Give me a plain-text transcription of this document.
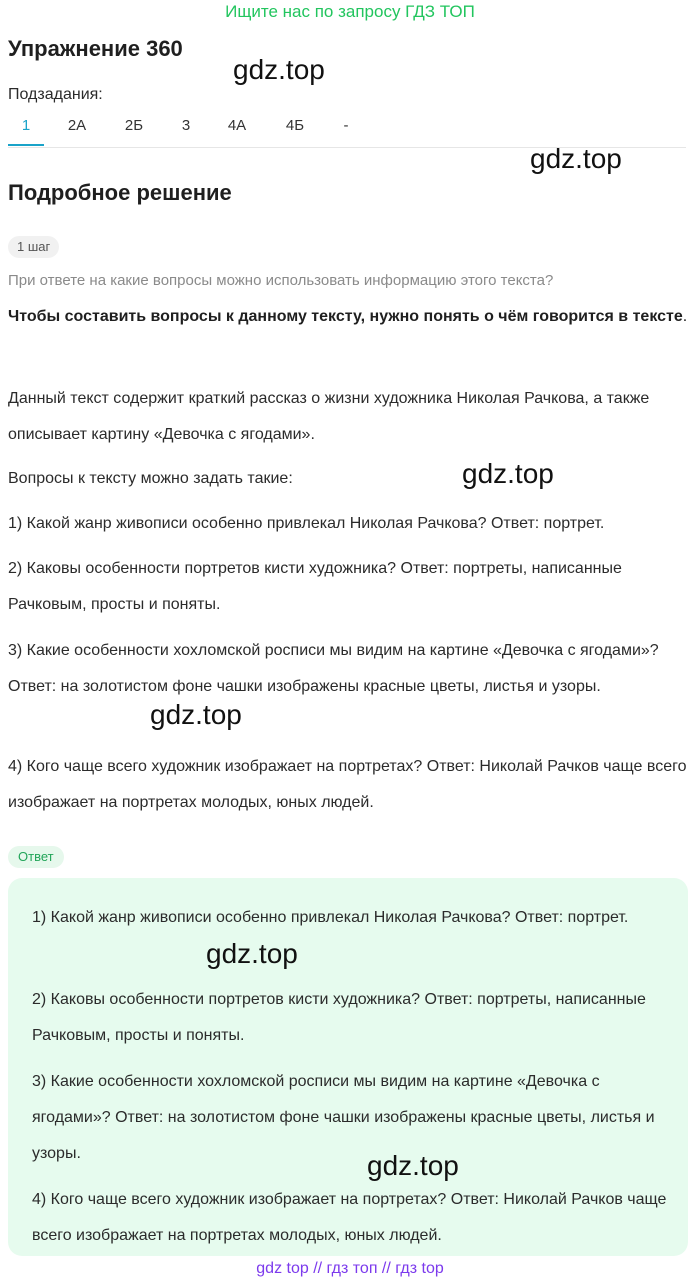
Ищите нас по запросу ГДЗ ТОП
Упражнение 360
gdz.top
gdz.top
Подзадания:
1	2А	2Б	3	4А	4Б	-
Подробное решение
1 шаг
При ответе на какие вопросы можно использовать информацию этого текста?
Чтобы составить вопросы к данному тексту, нужно понять о чём говорится в тексте.
Данный текст содержит краткий рассказ о жизни художника Николая Рачкова, а также описывает картину «Девочка с ягодами».
Вопросы к тексту можно задать такие:	gdz.top
1) Какой жанр живописи особенно привлекал Николая Рачкова? Ответ: портрет.
2) Каковы особенности портретов кисти художника? Ответ: портреты, написанные Рачковым, просты и поняты.
3) Какие особенности хохломской росписи мы видим на картине «Девочка с ягодами»? Ответ: на золотистом фоне чашки изображены красные цветы, листья и узоры.
gdz.top
4) Кого чаще всего художник изображает на портретах? Ответ: Николай Рачков чаще всего изображает на портретах молодых, юных людей.
Ответ
1) Какой жанр живописи особенно привлекал Николая Рачкова? Ответ: портрет.
2) Каковы особенности портретов кисти художника? Ответ: портреты, написанные Рачковым, просты и поняты.
3) Какие особенности хохломской росписи мы видим на картине «Девочка с ягодами»? Ответ: на золотистом фоне чашки изображены красные цветы, листья и узоры.
4) Кого чаще всего художник изображает на портретах? Ответ: Николай Рачков чаще всего изображает на портретах молодых, юных людей.
gdz.top
gdz.top
gdz top // гдз топ // гдз top
